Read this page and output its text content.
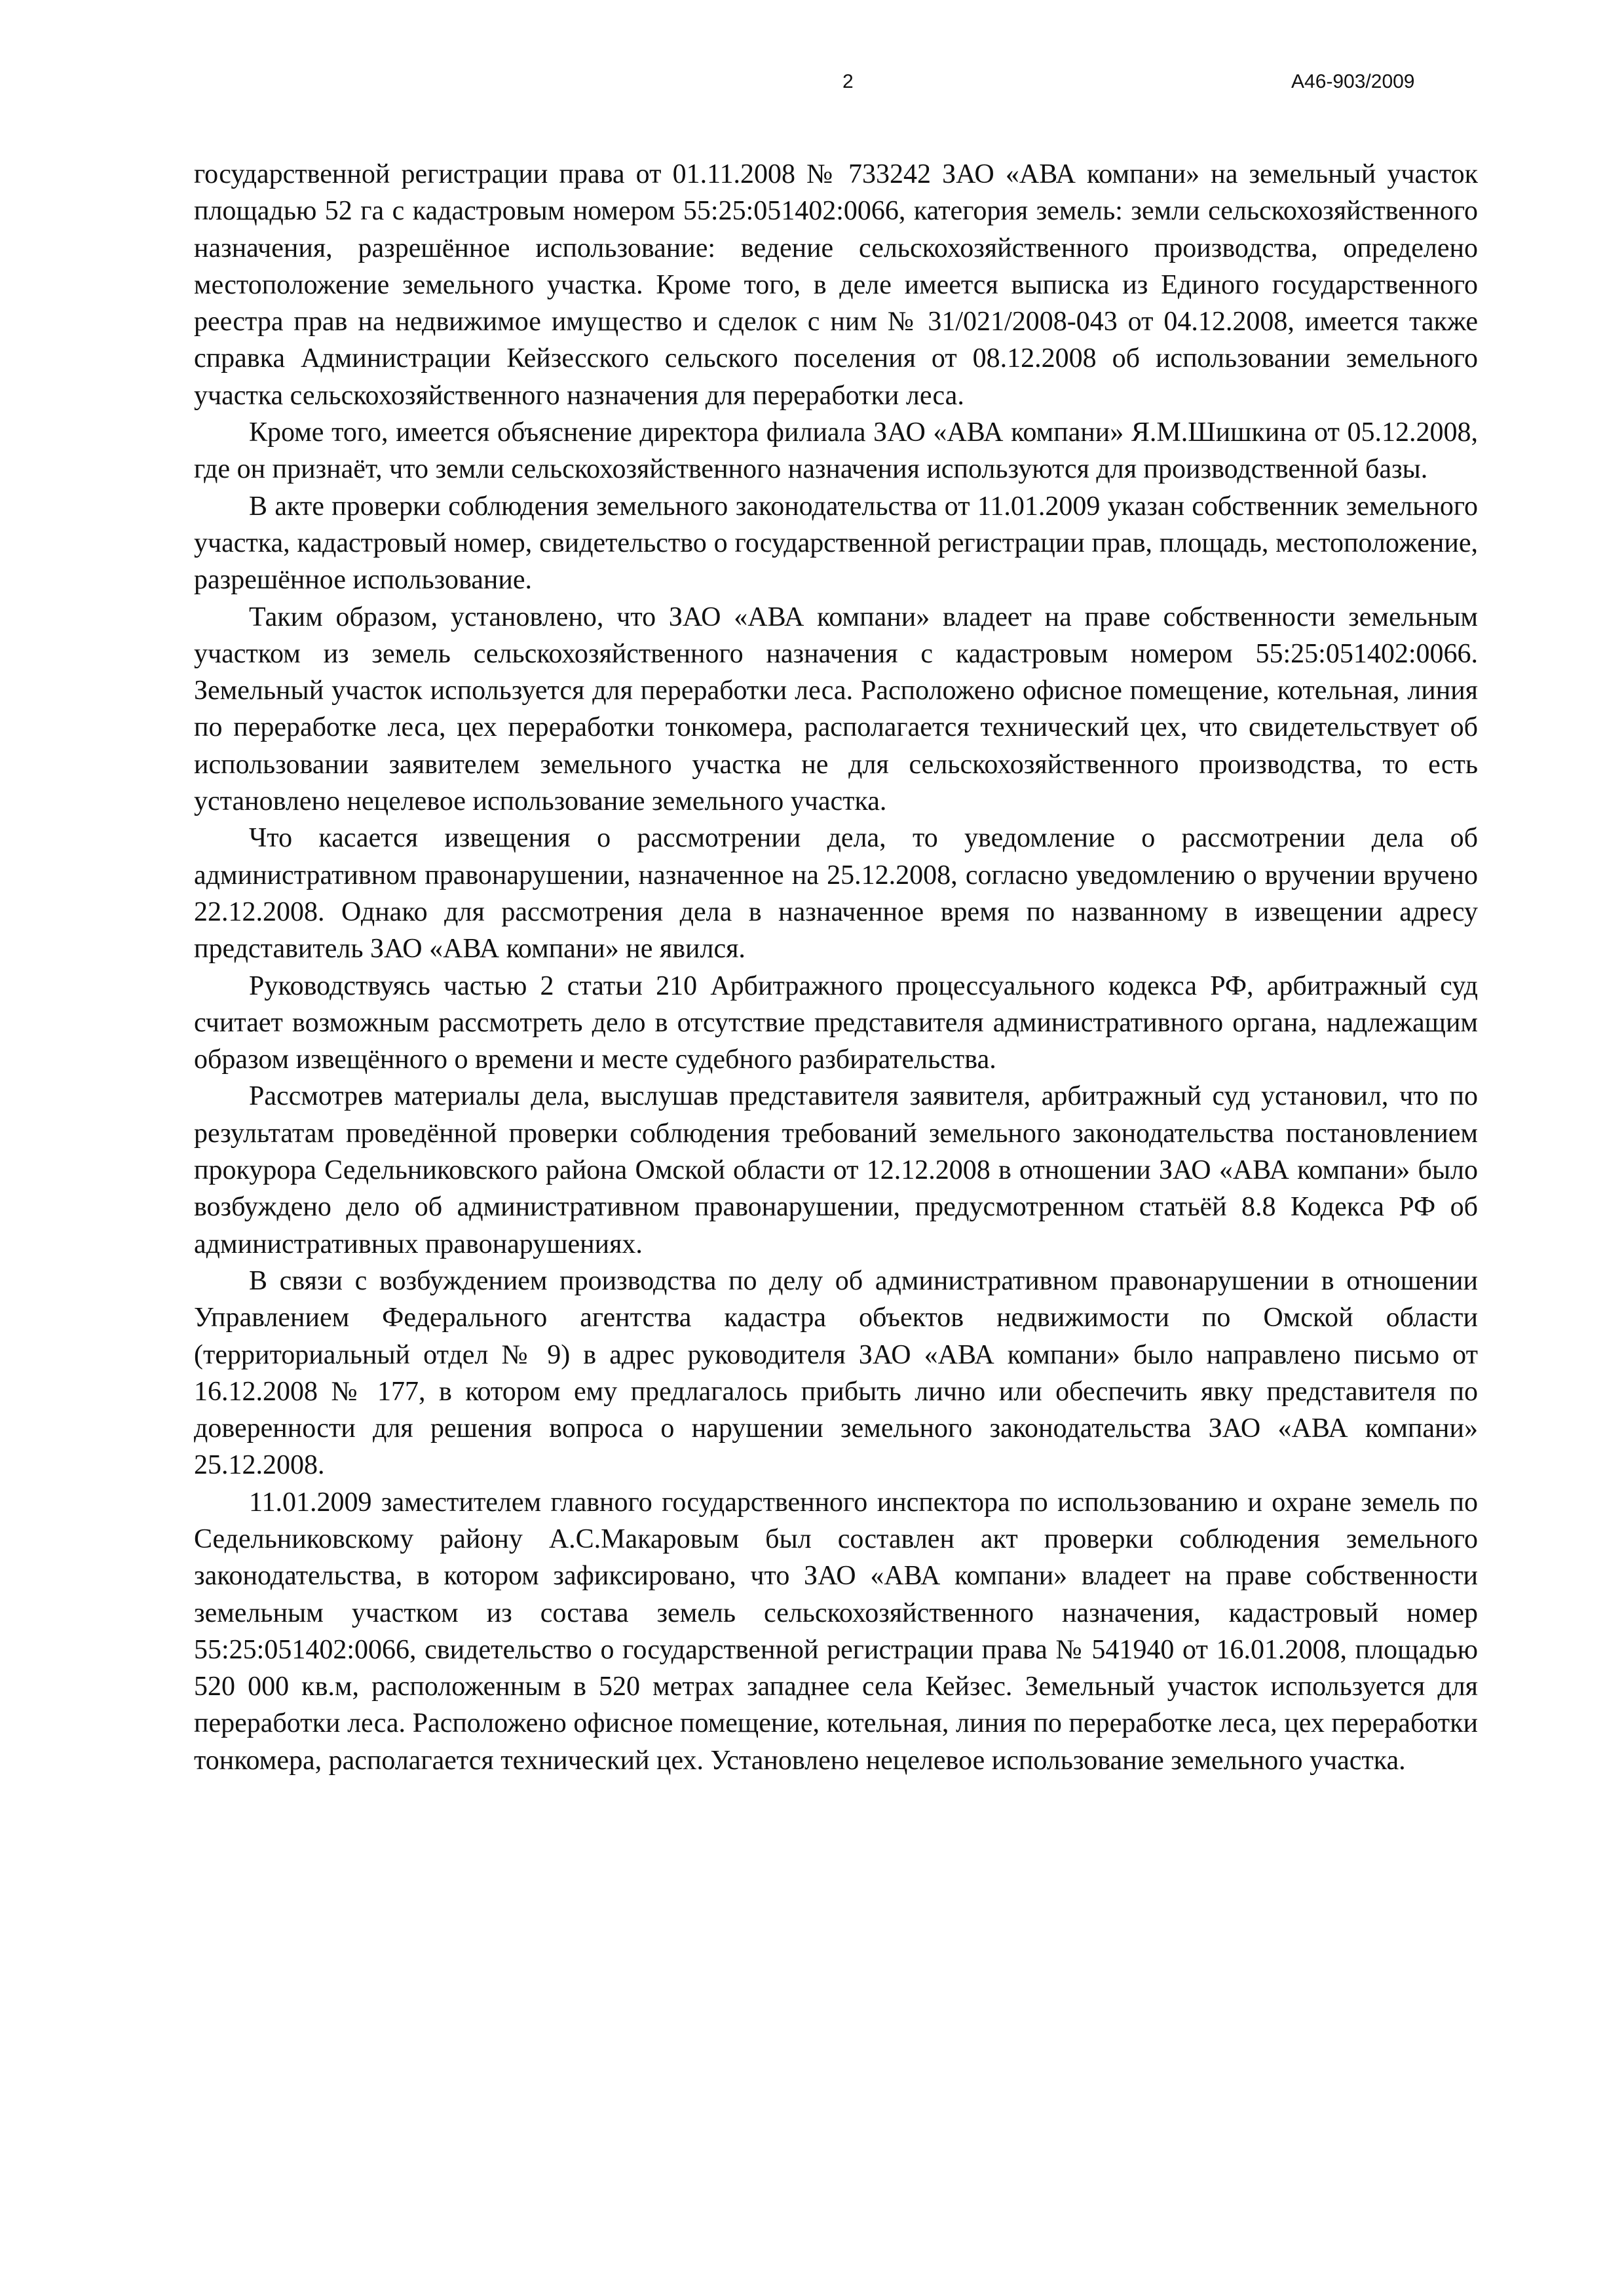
2	А46-903/2009

государственной регистрации права от 01.11.2008 № 733242 ЗАО «АВА компани» на земельный участок площадью 52 га с кадастровым номером 55:25:051402:0066, категория земель: земли сельскохозяйственного назначения, разрешённое использование: ведение сельскохозяйственного производства, определено местоположение земельного участка. Кроме того, в деле имеется выписка из Единого государственного реестра прав на недвижимое имущество и сделок с ним № 31/021/2008-043 от 04.12.2008, имеется также справка Администрации Кейзесского сельского поселения от 08.12.2008 об использовании земельного участка сельскохозяйственного назначения для переработки леса.

Кроме того, имеется объяснение директора филиала ЗАО «АВА компани» Я.М.Шишкина от 05.12.2008, где он признаёт, что земли сельскохозяйственного назначения используются для производственной базы.

В акте проверки соблюдения земельного законодательства от 11.01.2009 указан собственник земельного участка, кадастровый номер, свидетельство о государственной регистрации прав, площадь, местоположение, разрешённое использование.

Таким образом, установлено, что ЗАО «АВА компани» владеет на праве собственности земельным участком из земель сельскохозяйственного назначения с кадастровым номером 55:25:051402:0066. Земельный участок используется для переработки леса. Расположено офисное помещение, котельная, линия по переработке леса, цех переработки тонкомера, располагается технический цех, что свидетельствует об использовании заявителем земельного участка не для сельскохозяйственного производства, то есть установлено нецелевое использование земельного участка.

Что касается извещения о рассмотрении дела, то уведомление о рассмотрении дела об административном правонарушении, назначенное на 25.12.2008, согласно уведомлению о вручении вручено 22.12.2008. Однако для рассмотрения дела в назначенное время по названному в извещении адресу представитель ЗАО «АВА компани» не явился.

Руководствуясь частью 2 статьи 210 Арбитражного процессуального кодекса РФ, арбитражный суд считает возможным рассмотреть дело в отсутствие представителя административного органа, надлежащим образом извещённого о времени и месте судебного разбирательства.

Рассмотрев материалы дела, выслушав представителя заявителя, арбитражный суд установил, что по результатам проведённой проверки соблюдения требований земельного законодательства постановлением прокурора Седельниковского района Омской области от 12.12.2008 в отношении ЗАО «АВА компани» было возбуждено дело об административном правонарушении, предусмотренном статьёй 8.8 Кодекса РФ об административных правонарушениях.

В связи с возбуждением производства по делу об административном правонарушении в отношении Управлением Федерального агентства кадастра объектов недвижимости по Омской области (территориальный отдел № 9) в адрес руководителя ЗАО «АВА компани» было направлено письмо от 16.12.2008 № 177, в котором ему предлагалось прибыть лично или обеспечить явку представителя по доверенности для решения вопроса о нарушении земельного законодательства ЗАО «АВА компани» 25.12.2008.

11.01.2009 заместителем главного государственного инспектора по использованию и охране земель по Седельниковскому району А.С.Макаровым был составлен акт проверки соблюдения земельного законодательства, в котором зафиксировано, что ЗАО «АВА компани» владеет на праве собственности земельным участком из состава земель сельскохозяйственного назначения, кадастровый номер 55:25:051402:0066, свидетельство о государственной регистрации права № 541940 от 16.01.2008, площадью 520 000 кв.м, расположенным в 520 метрах западнее села Кейзес. Земельный участок используется для переработки леса. Расположено офисное помещение, котельная, линия по переработке леса, цех переработки тонкомера, располагается технический цех. Установлено нецелевое использование земельного участка.
